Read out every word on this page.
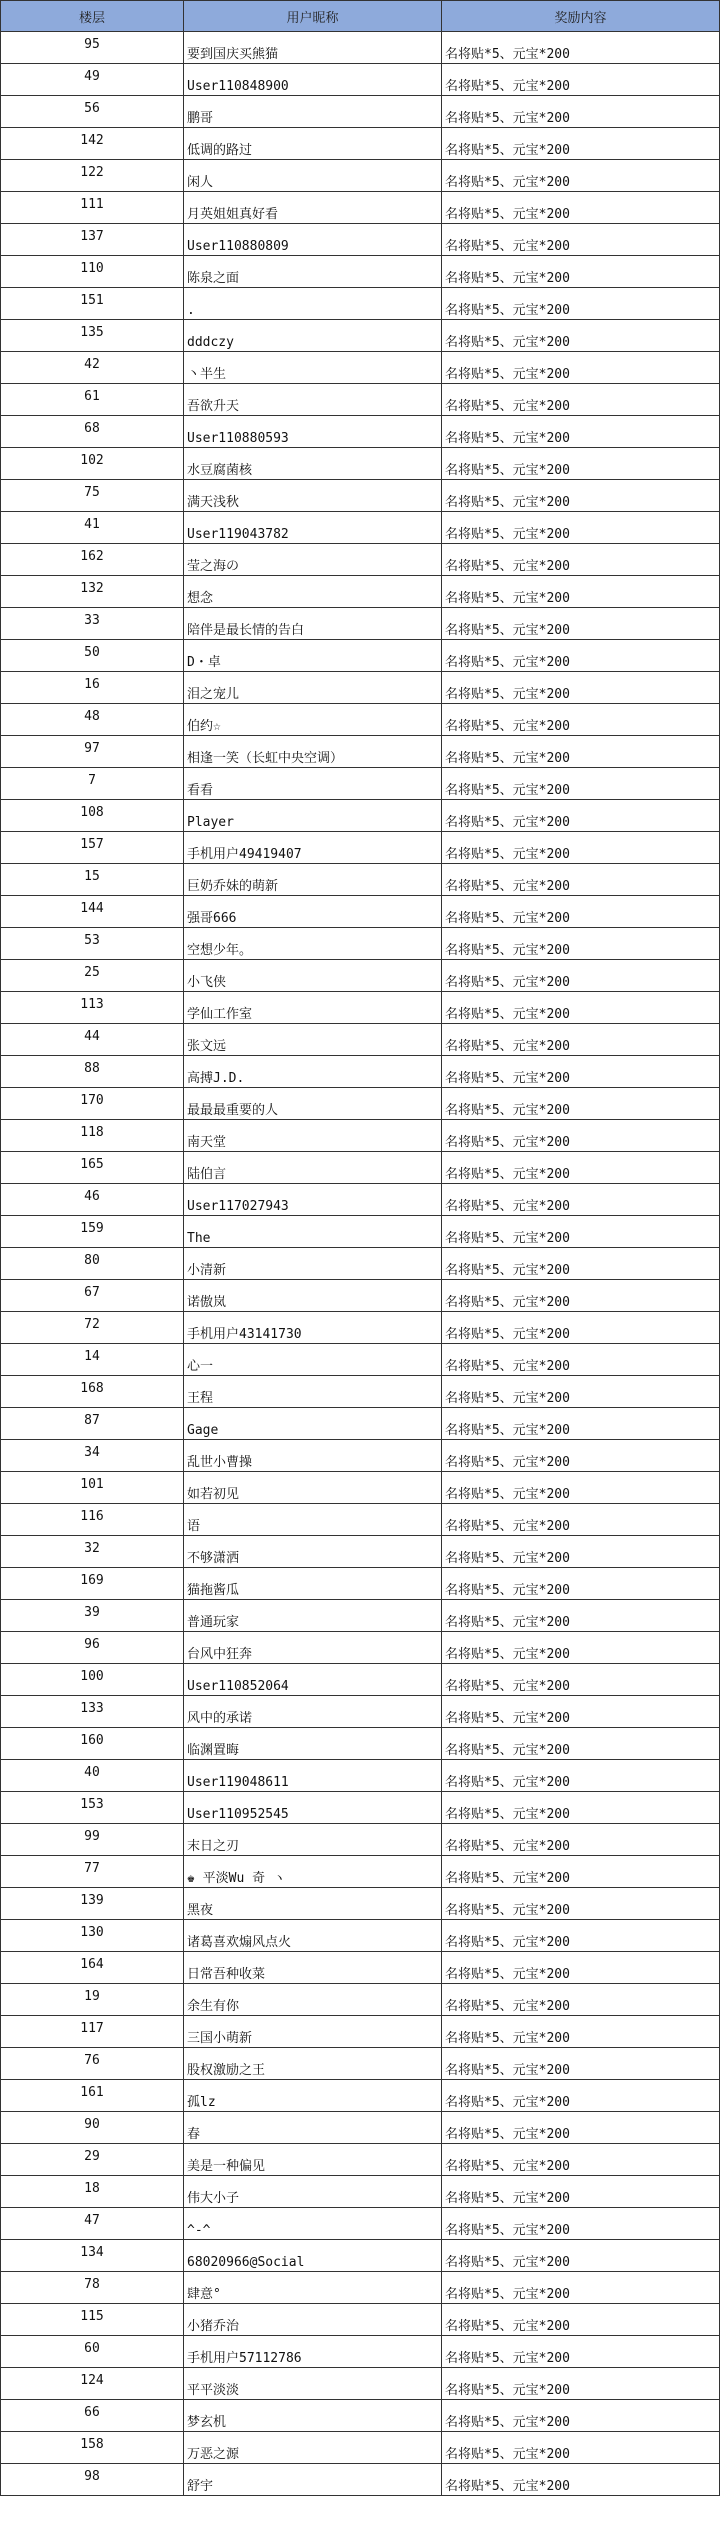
楼层	用户昵称	奖励内容
95	要到国庆买熊猫	名将贴*5、元宝*200
49	User110848900	名将贴*5、元宝*200
56	鹏哥	名将贴*5、元宝*200
142	低调的路过	名将贴*5、元宝*200
122	闲人	名将贴*5、元宝*200
111	月英姐姐真好看	名将贴*5、元宝*200
137	User110880809	名将贴*5、元宝*200
110	陈泉之面	名将贴*5、元宝*200
151	.	名将贴*5、元宝*200
135	dddczy	名将贴*5、元宝*200
42	丶半生	名将贴*5、元宝*200
61	吾欲升天	名将贴*5、元宝*200
68	User110880593	名将贴*5、元宝*200
102	水豆腐菌核	名将贴*5、元宝*200
75	满天浅秋	名将贴*5、元宝*200
41	User119043782	名将贴*5、元宝*200
162	莹之海の	名将贴*5、元宝*200
132	想念	名将贴*5、元宝*200
33	陪伴是最长情的告白	名将贴*5、元宝*200
50	D・卓	名将贴*5、元宝*200
16	泪之宠儿	名将贴*5、元宝*200
48	伯约☆	名将贴*5、元宝*200
97	相逢一笑（长虹中央空调）	名将贴*5、元宝*200
7	看看	名将贴*5、元宝*200
108	Player	名将贴*5、元宝*200
157	手机用户49419407	名将贴*5、元宝*200
15	巨奶乔妹的萌新	名将贴*5、元宝*200
144	强哥666	名将贴*5、元宝*200
53	空想少年。	名将贴*5、元宝*200
25	小飞侠	名将贴*5、元宝*200
113	学仙工作室	名将贴*5、元宝*200
44	张文远	名将贴*5、元宝*200
88	高搏J.D.	名将贴*5、元宝*200
170	最最最重要的人	名将贴*5、元宝*200
118	南天堂	名将贴*5、元宝*200
165	陆伯言	名将贴*5、元宝*200
46	User117027943	名将贴*5、元宝*200
159	The	名将贴*5、元宝*200
80	小清新	名将贴*5、元宝*200
67	诺傲岚	名将贴*5、元宝*200
72	手机用户43141730	名将贴*5、元宝*200
14	心一	名将贴*5、元宝*200
168	王程	名将贴*5、元宝*200
87	Gage	名将贴*5、元宝*200
34	乱世小曹操	名将贴*5、元宝*200
101	如若初见	名将贴*5、元宝*200
116	语	名将贴*5、元宝*200
32	不够潇洒	名将贴*5、元宝*200
169	猫拖酱瓜	名将贴*5、元宝*200
39	普通玩家	名将贴*5、元宝*200
96	台风中狂奔	名将贴*5、元宝*200
100	User110852064	名将贴*5、元宝*200
133	风中的承诺	名将贴*5、元宝*200
160	临渊置晦	名将贴*5、元宝*200
40	User119048611	名将贴*5、元宝*200
153	User110952545	名将贴*5、元宝*200
99	末日之刃	名将贴*5、元宝*200
77	♚ 平淡Wu 奇 ヽ	名将贴*5、元宝*200
139	黑夜	名将贴*5、元宝*200
130	诸葛喜欢煽风点火	名将贴*5、元宝*200
164	日常吾种收菜	名将贴*5、元宝*200
19	余生有你	名将贴*5、元宝*200
117	三国小萌新	名将贴*5、元宝*200
76	股权激励之王	名将贴*5、元宝*200
161	孤lz	名将贴*5、元宝*200
90	春	名将贴*5、元宝*200
29	美是一种偏见	名将贴*5、元宝*200
18	伟大小子	名将贴*5、元宝*200
47	^-^	名将贴*5、元宝*200
134	68020966@Social	名将贴*5、元宝*200
78	肆意°	名将贴*5、元宝*200
115	小猪乔治	名将贴*5、元宝*200
60	手机用户57112786	名将贴*5、元宝*200
124	平平淡淡	名将贴*5、元宝*200
66	梦玄机	名将贴*5、元宝*200
158	万恶之源	名将贴*5、元宝*200
98	舒宇	名将贴*5、元宝*200
